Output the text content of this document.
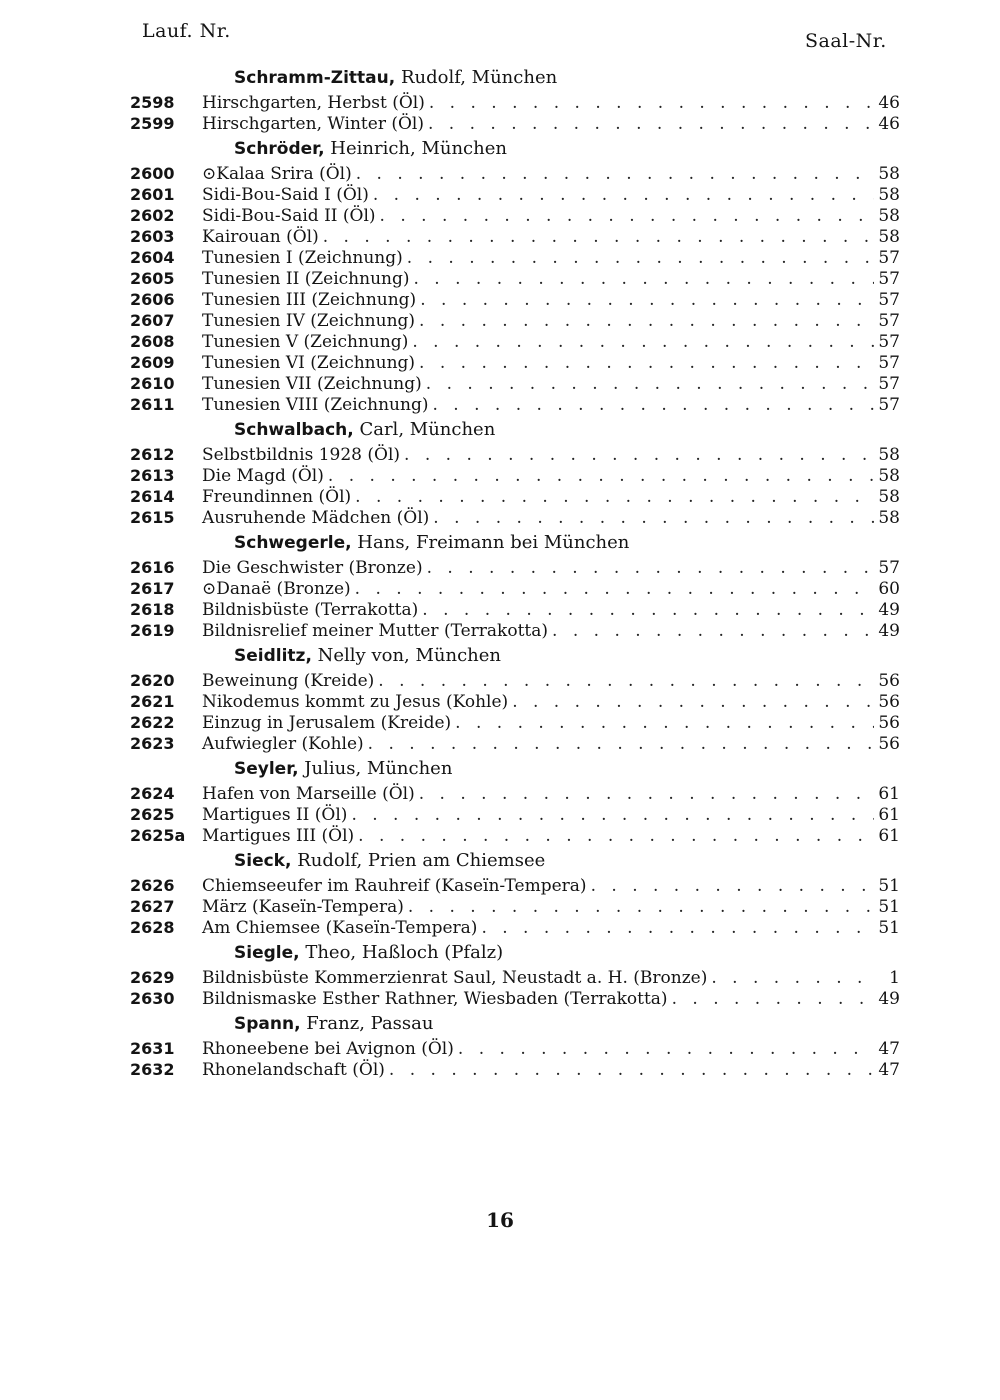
Lauf. Nr.	Saal-Nr.
Schramm-Zittau, Rudolf, München
2598	Hirschgarten, Herbst (Öl) . . .	46
2599	Hirschgarten, Winter (Öl) . . .	46
Schröder, Heinrich, München
2600	⊙Kalaa Srira (Öl) . . .	58
2601	Sidi-Bou-Said I (Öl) . . .	58
2602	Sidi-Bou-Said II (Öl) . . .	58
2603	Kairouan (Öl) . . .	58
2604	Tunesien I (Zeichnung) . . .	57
2605	Tunesien II (Zeichnung) . . .	57
2606	Tunesien III (Zeichnung) . . .	57
2607	Tunesien IV (Zeichnung) . . .	57
2608	Tunesien V (Zeichnung) . . .	57
2609	Tunesien VI (Zeichnung) . . .	57
2610	Tunesien VII (Zeichnung) . . .	57
2611	Tunesien VIII (Zeichnung) . . .	57
Schwalbach, Carl, München
2612	Selbstbildnis 1928 (Öl) . . .	58
2613	Die Magd (Öl) . . .	58
2614	Freundinnen (Öl) . . .	58
2615	Ausruhende Mädchen (Öl) . . .	58
Schwegerle, Hans, Freimann bei München
2616	Die Geschwister (Bronze) . . .	57
2617	⊙Danaë (Bronze) . . .	60
2618	Bildnisbüste (Terrakotta) . . .	49
2619	Bildnisrelief meiner Mutter (Terrakotta) . . .	49
Seidlitz, Nelly von, München
2620	Beweinung (Kreide) . . .	56
2621	Nikodemus kommt zu Jesus (Kohle) . . .	56
2622	Einzug in Jerusalem (Kreide) . . .	56
2623	Aufwiegler (Kohle) . . .	56
Seyler, Julius, München
2624	Hafen von Marseille (Öl) . . .	61
2625	Martigues II (Öl) . . .	61
2625a Martigues III (Öl) . . .	61
Sieck, Rudolf, Prien am Chiemsee
2626	Chiemseeufer im Rauhreif (Kaseïn-Tempera) . . .	51
2627	März (Kaseïn-Tempera) . . .	51
2628	Am Chiemsee (Kaseïn-Tempera) . . .	51
Siegle, Theo, Haßloch (Pfalz)
2629	Bildnisbüste Kommerzienrat Saul, Neustadt a. H. (Bronze) . . .	1
2630	Bildnismaske Esther Rathner, Wiesbaden (Terrakotta) . . .	49
Spann, Franz, Passau
2631	Rhoneebene bei Avignon (Öl) . . .	47
2632	Rhonelandschaft (Öl) . . .	47
16
